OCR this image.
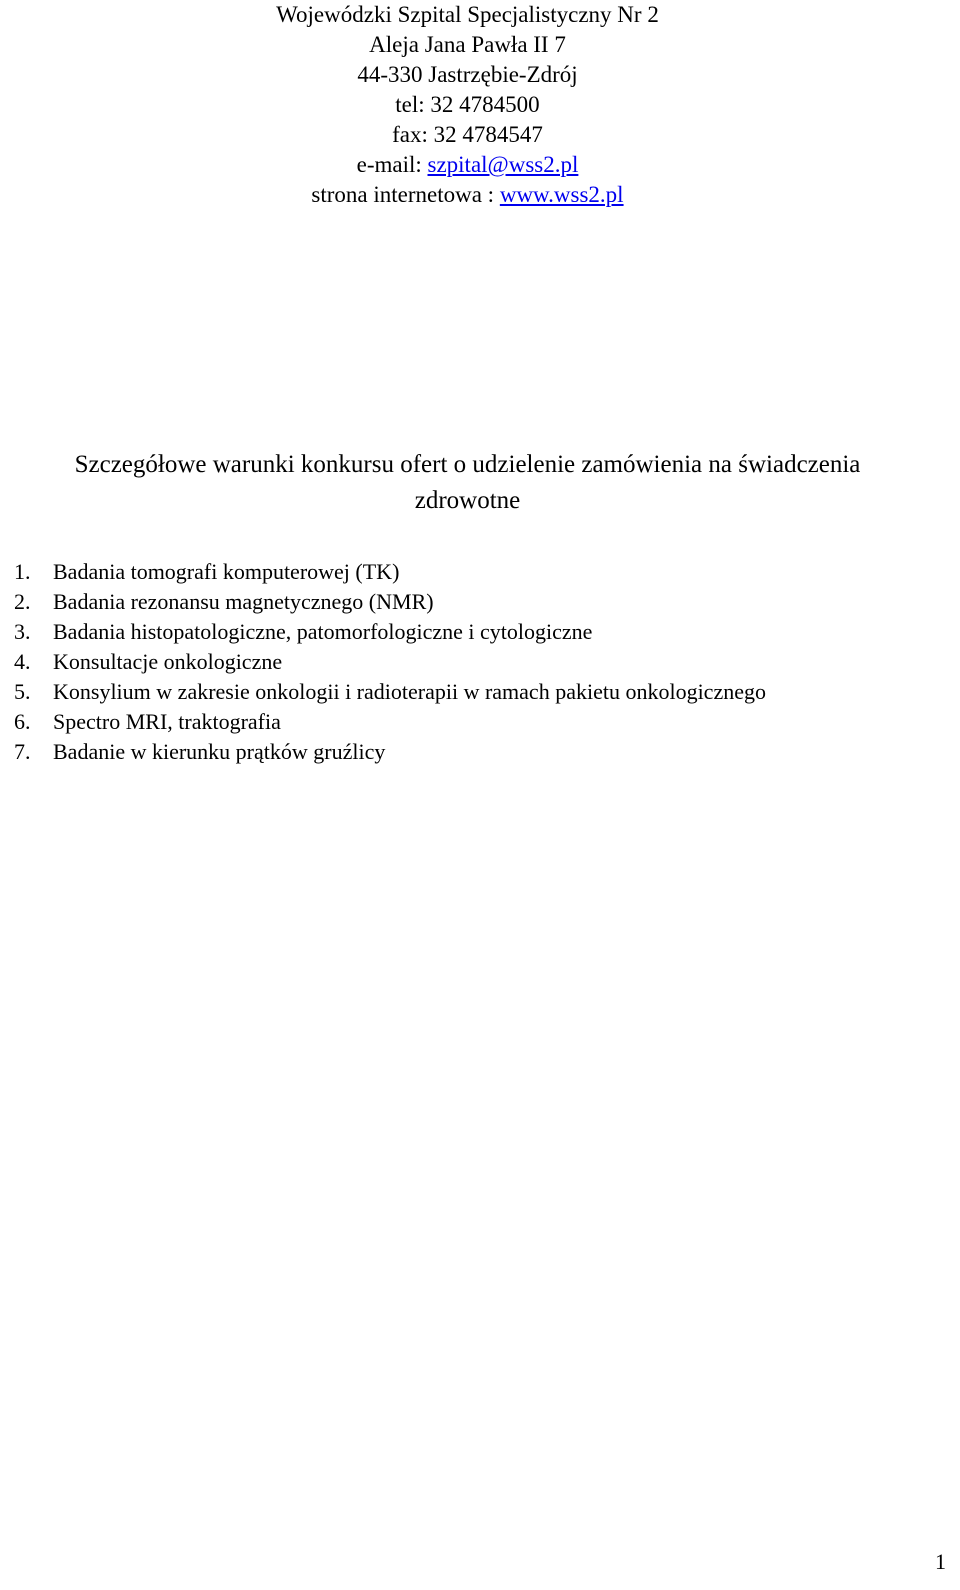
Wojewódzki Szpital Specjalistyczny Nr 2
Aleja Jana Pawła II 7
44-330 Jastrzębie-Zdrój
tel: 32 4784500
fax: 32 4784547
e-mail: szpital@wss2.pl
strona internetowa : www.wss2.pl
Szczegółowe warunki konkursu ofert o udzielenie zamówienia na świadczenia
zdrowotne
1. Badania tomografi komputerowej (TK)
2. Badania rezonansu magnetycznego (NMR)
3. Badania histopatologiczne, patomorfologiczne i cytologiczne
4. Konsultacje onkologiczne
5. Konsylium w zakresie onkologii i radioterapii w ramach pakietu onkologicznego
6. Spectro MRI, traktografia
7. Badanie w kierunku prątków gruźlicy
1
